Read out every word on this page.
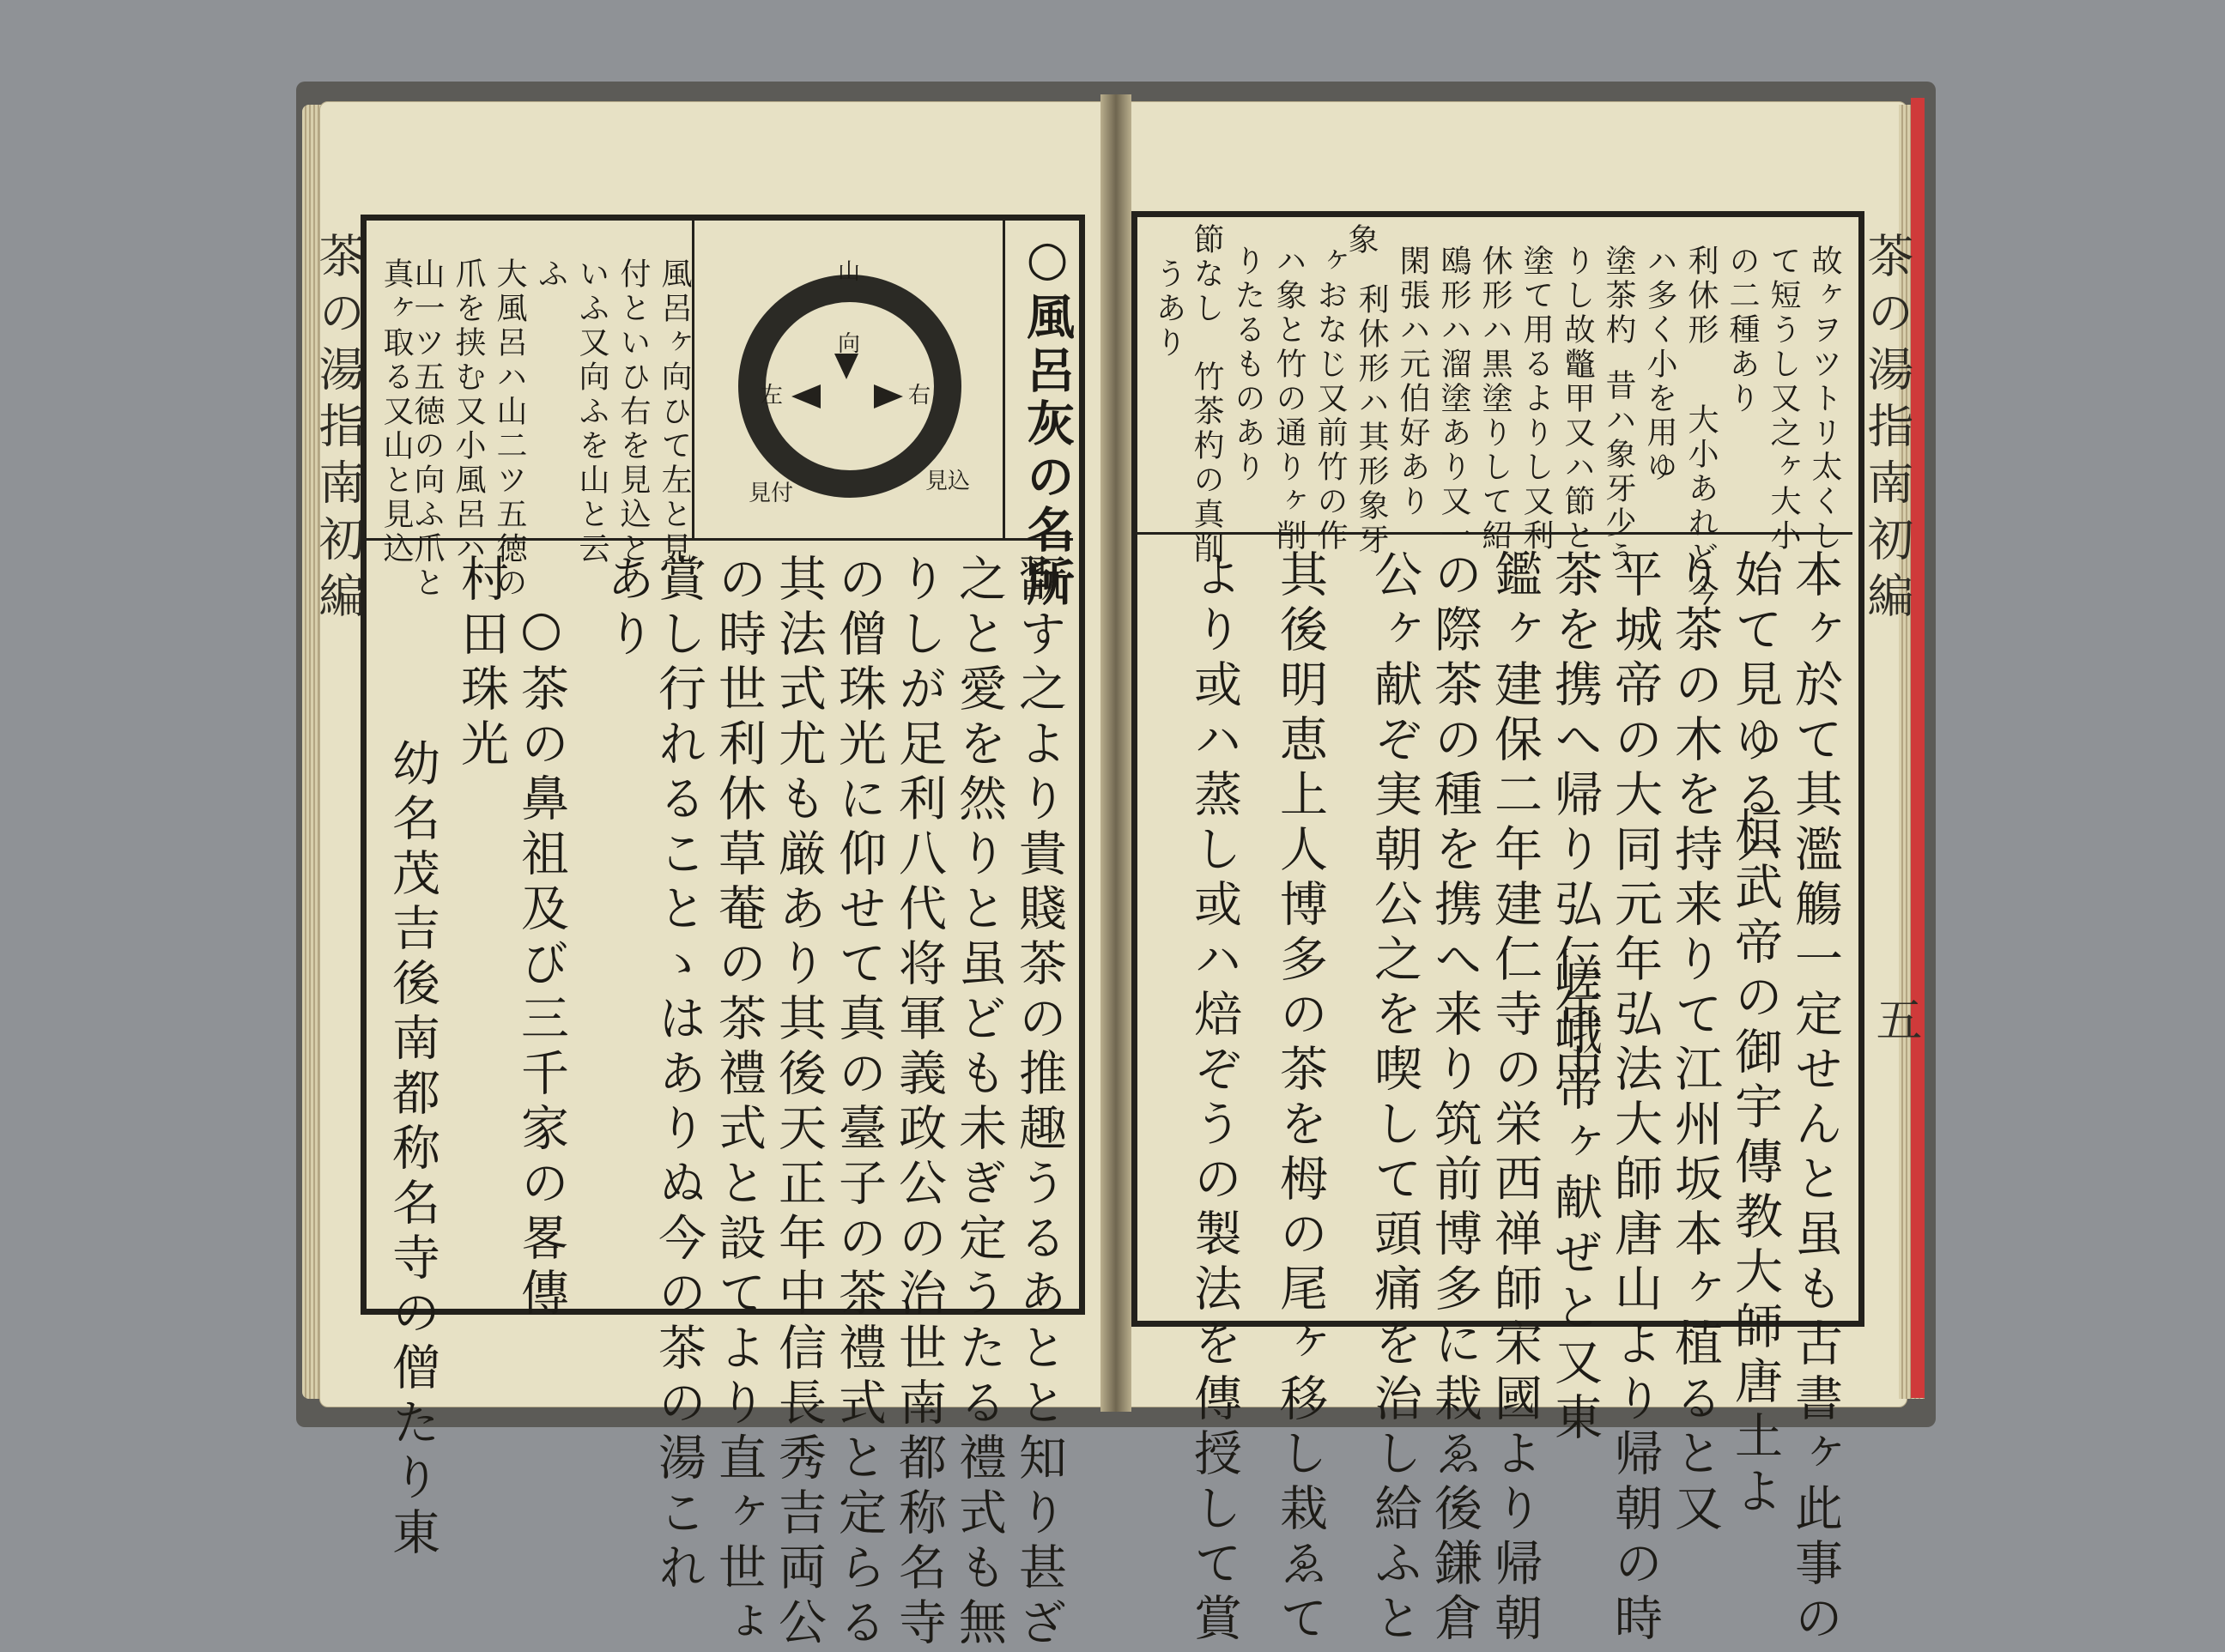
茶の湯指南初編	○風呂灰の名所
山
向
左	右
見付	見込
風呂ヶ向ひて左と見
付といひ右を見込と
いふ又向ふを山と云
ふ
大風呂ハ山二ツ五徳の
爪を挟む又小風呂ハ
山一ツ五徳の向ふ爪と
真ヶ取る又山と見込
翫す之より貴賤茶の推趣うるあとと知り甚ざ
之と愛を然りと虽ども未ぎ定うたる禮式も無
りしが足利八代将軍義政公の治世南都称名寺
の僧珠光に仰せて真の臺子の茶禮式と定らる
其法式尤も厳あり其後天正年中信長秀吉両公
の時世利休草菴の茶禮式と設てより直ヶ世ょ
賞し行れることゝはありぬ今の茶の湯これ
あり
○茶の鼻祖及び三千家の畧傳
村田珠光
幼名茂吉後南都称名寺の僧たり東
茶の湯指南初編
五
故ヶヲツトリ太くし
て短うし又之ヶ大小
の二種あり
利休形
大小あれど今
ハ多く小を用ゆ
塗茶杓
昔ハ象牙少う
りし故鼈甲又ハ節と
塗て用るよりし又利
休形ハ黒塗りして紹
鴎形ハ溜塗あり又一
閑張ハ元伯好あり
象
利休形ハ其形象牙
ヶおなじ又前竹の作
ハ象と竹の通りヶ削
りたるものあり
竹茶杓の真削
節なし
うあり
本ヶ於て其濫觴一定せんと虽も古書ヶ此事の
始て見ゆるハ
桓武帝の御宇傳教大師唐土よ
り茶の木を持来りて江州坂本ヶ植ると又
平城帝の大同元年弘法大師唐山より帰朝の時
茶を携へ帰り弘仁年中
嵯峨帝ヶ献ぜと又東
鑑ヶ建保二年建仁寺の栄西禅師宋國より帰朝
の際茶の種を携へ来り筑前博多に栽ゑ後鎌倉
公ヶ献ぞ実朝公之を喫して頭痛を治し給ふと
其後明恵上人博多の茶を栂の尾ヶ移し栽ゑて
より或ハ蒸し或ハ焙ぞうの製法を傳授して賞
